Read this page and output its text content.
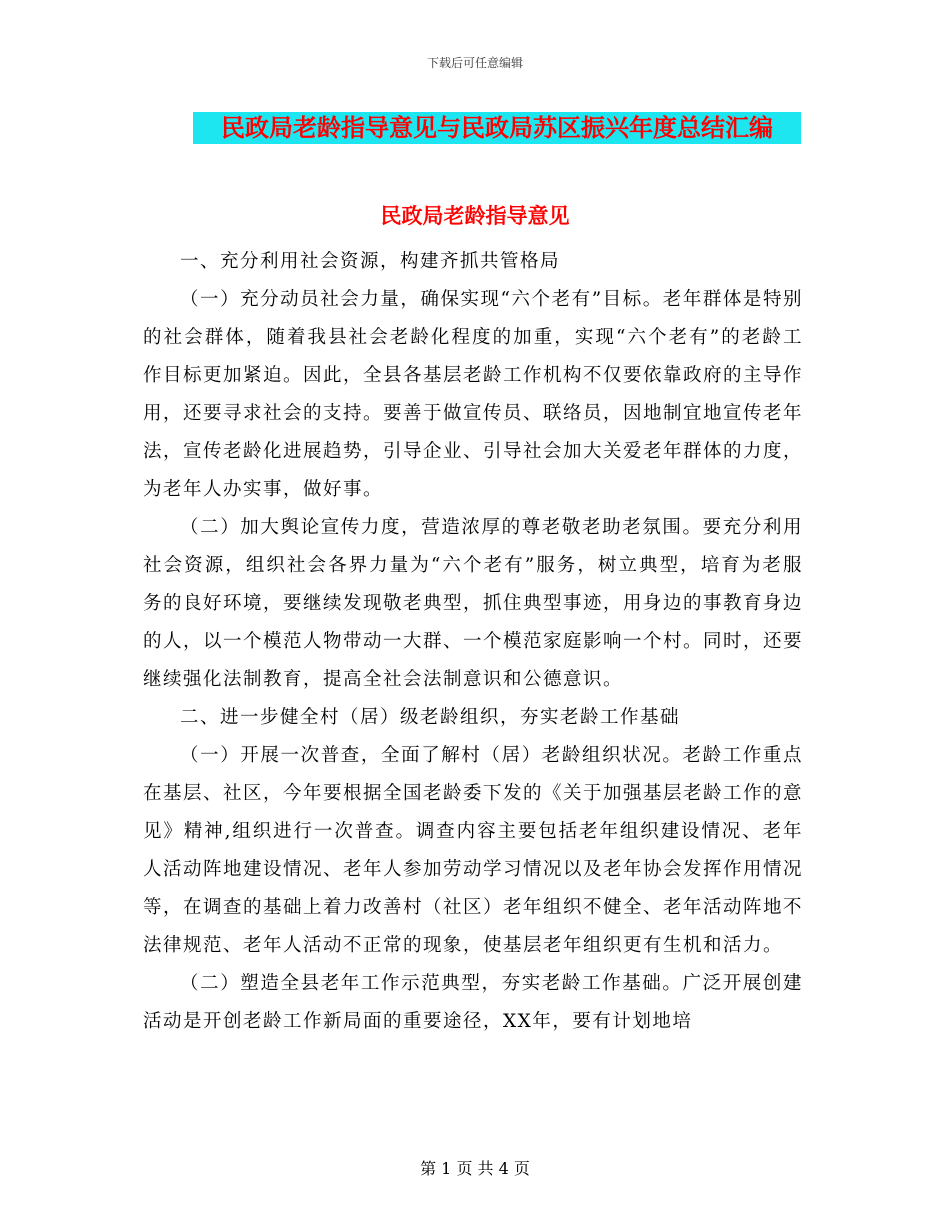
下载后可任意编辑
民政局老龄指导意见与民政局苏区振兴年度总结汇编
民政局老龄指导意见

一、充分利用社会资源，构建齐抓共管格局

（一）充分动员社会力量，确保实现“六个老有”目标。老年群体是特别的社会群体，随着我县社会老龄化程度的加重，实现“六个老有”的老龄工作目标更加紧迫。因此，全县各基层老龄工作机构不仅要依靠政府的主导作用，还要寻求社会的支持。要善于做宣传员、联络员，因地制宜地宣传老年法，宣传老龄化进展趋势，引导企业、引导社会加大关爱老年群体的力度，为老年人办实事，做好事。

（二）加大舆论宣传力度，营造浓厚的尊老敬老助老氛围。要充分利用社会资源，组织社会各界力量为“六个老有”服务，树立典型，培育为老服务的良好环境，要继续发现敬老典型，抓住典型事迹，用身边的事教育身边的人，以一个模范人物带动一大群、一个模范家庭影响一个村。同时，还要继续强化法制教育，提高全社会法制意识和公德意识。

二、进一步健全村（居）级老龄组织，夯实老龄工作基础

（一）开展一次普查，全面了解村（居）老龄组织状况。老龄工作重点在基层、社区，今年要根据全国老龄委下发的《关于加强基层老龄工作的意见》精神,组织进行一次普查。调查内容主要包括老年组织建设情况、老年人活动阵地建设情况、老年人参加劳动学习情况以及老年协会发挥作用情况等，在调查的基础上着力改善村（社区）老年组织不健全、老年活动阵地不法律规范、老年人活动不正常的现象，使基层老年组织更有生机和活力。

（二）塑造全县老年工作示范典型，夯实老龄工作基础。广泛开展创建活动是开创老龄工作新局面的重要途径，XX年，要有计划地培

第 1 页 共 4 页
